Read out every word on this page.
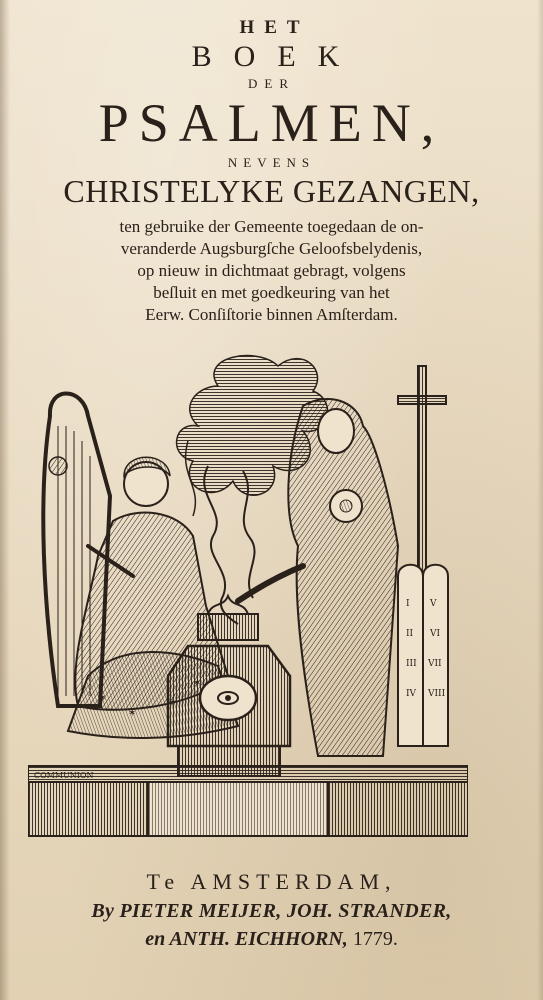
HET
BOEK
DER
PSALMEN,
NEVENS
CHRISTELYKE GEZANGEN,
ten gebruike der Gemeente toegedaan de on-
veranderde Augsburgſche Geloofsbelydenis,
op nieuw in dichtmaat gebragt, volgens
beſluit en met goedkeuring van het
Eerw. Conſiſtorie binnen Amſterdam.
✶
✶
I
II
III
IV
V
VI
VII
VIII
COMMUNION
Te AMSTERDAM,
By PIETER MEIJER, JOH. STRANDER,
en ANTH. EICHHORN, 1779.
